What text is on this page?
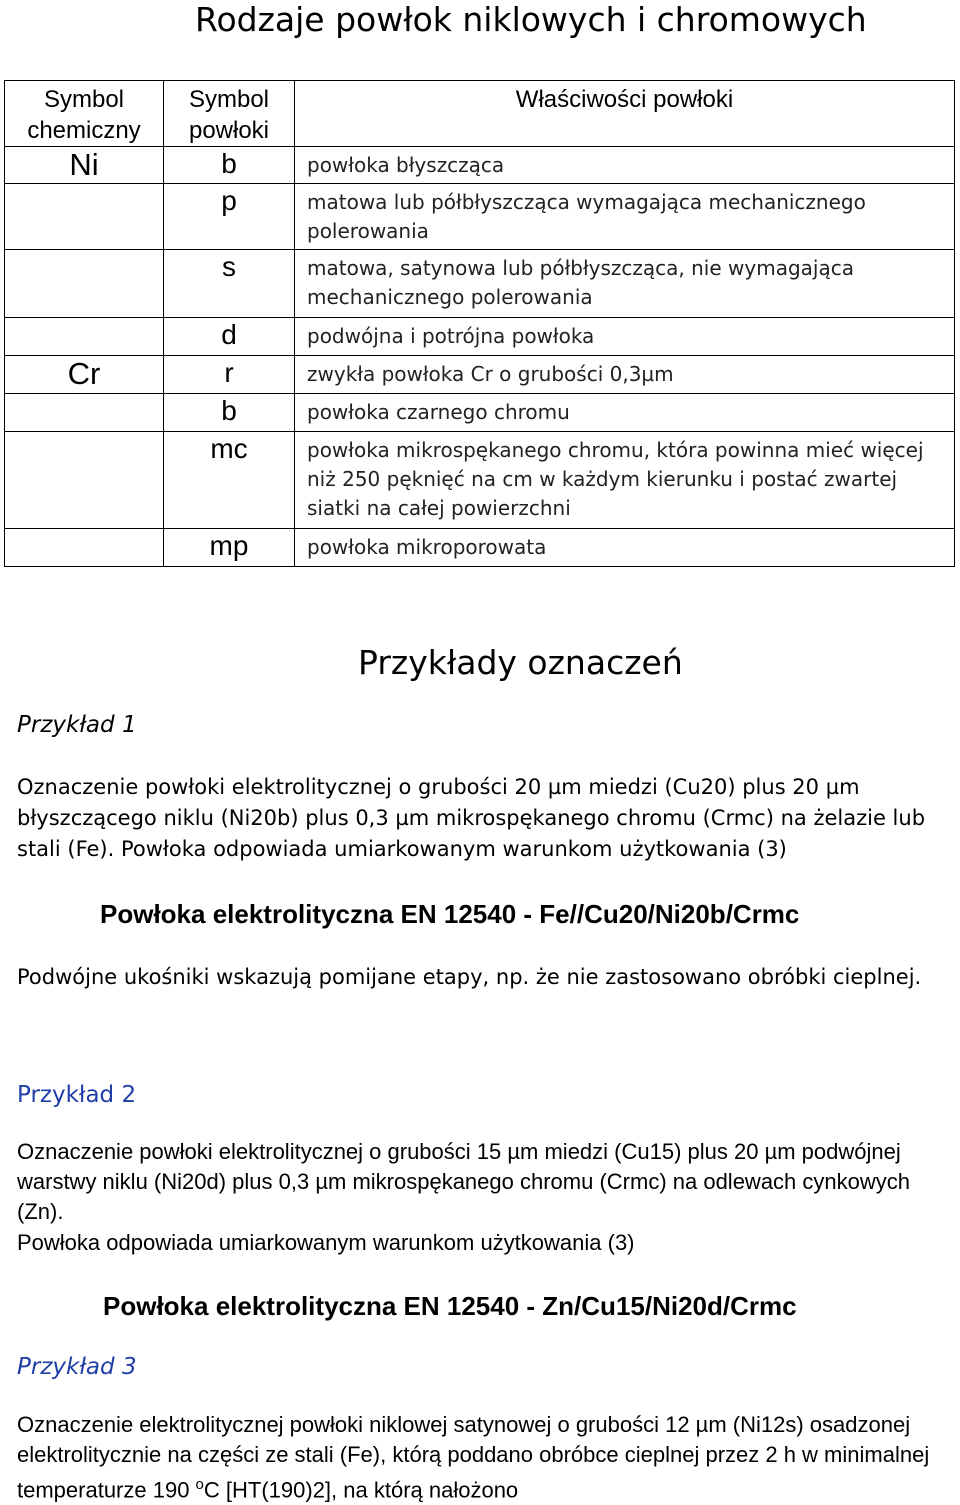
Rodzaje powłok niklowych i chromowych
Symbol chemiczny	Symbol powłoki	Właściwości powłoki
Ni	b	powłoka błyszcząca
	p	matowa lub półbłyszcząca wymagająca mechanicznego polerowania
	s	matowa, satynowa lub półbłyszcząca, nie wymagająca mechanicznego polerowania
	d	podwójna i potrójna powłoka
Cr	r	zwykła powłoka Cr o grubości 0,3µm
	b	powłoka czarnego chromu
	mc	powłoka mikrospękanego chromu, która powinna mieć więcej niż 250 pęknięć na cm w każdym kierunku i postać zwartej siatki na całej powierzchni
	mp	powłoka mikroporowata
Przykłady oznaczeń
Przykład 1

Oznaczenie powłoki elektrolitycznej o grubości 20 µm miedzi (Cu20) plus 20 µm błyszczącego niklu (Ni20b) plus 0,3 µm mikrospękanego chromu (Crmc) na żelazie lub stali (Fe). Powłoka odpowiada umiarkowanym warunkom użytkowania (3)

Powłoka elektrolityczna EN 12540 - Fe//Cu20/Ni20b/Crmc

Podwójne ukośniki wskazują pomijane etapy, np. że nie zastosowano obróbki cieplnej.

Przykład 2

Oznaczenie powłoki elektrolitycznej o grubości 15 µm miedzi (Cu15) plus 20 µm podwójnej warstwy niklu (Ni20d) plus 0,3 µm mikrospękanego chromu (Crmc) na odlewach cynkowych (Zn).

Powłoka odpowiada umiarkowanym warunkom użytkowania (3)

Powłoka elektrolityczna EN 12540 - Zn/Cu15/Ni20d/Crmc

Przykład 3

Oznaczenie elektrolitycznej powłoki niklowej satynowej o grubości 12 µm (Ni12s) osadzonej elektrolitycznie na części ze stali (Fe), którą poddano obróbce cieplnej przez 2 h w minimalnej temperaturze 190 $^o$C [HT(190)2], na którą nałożono
